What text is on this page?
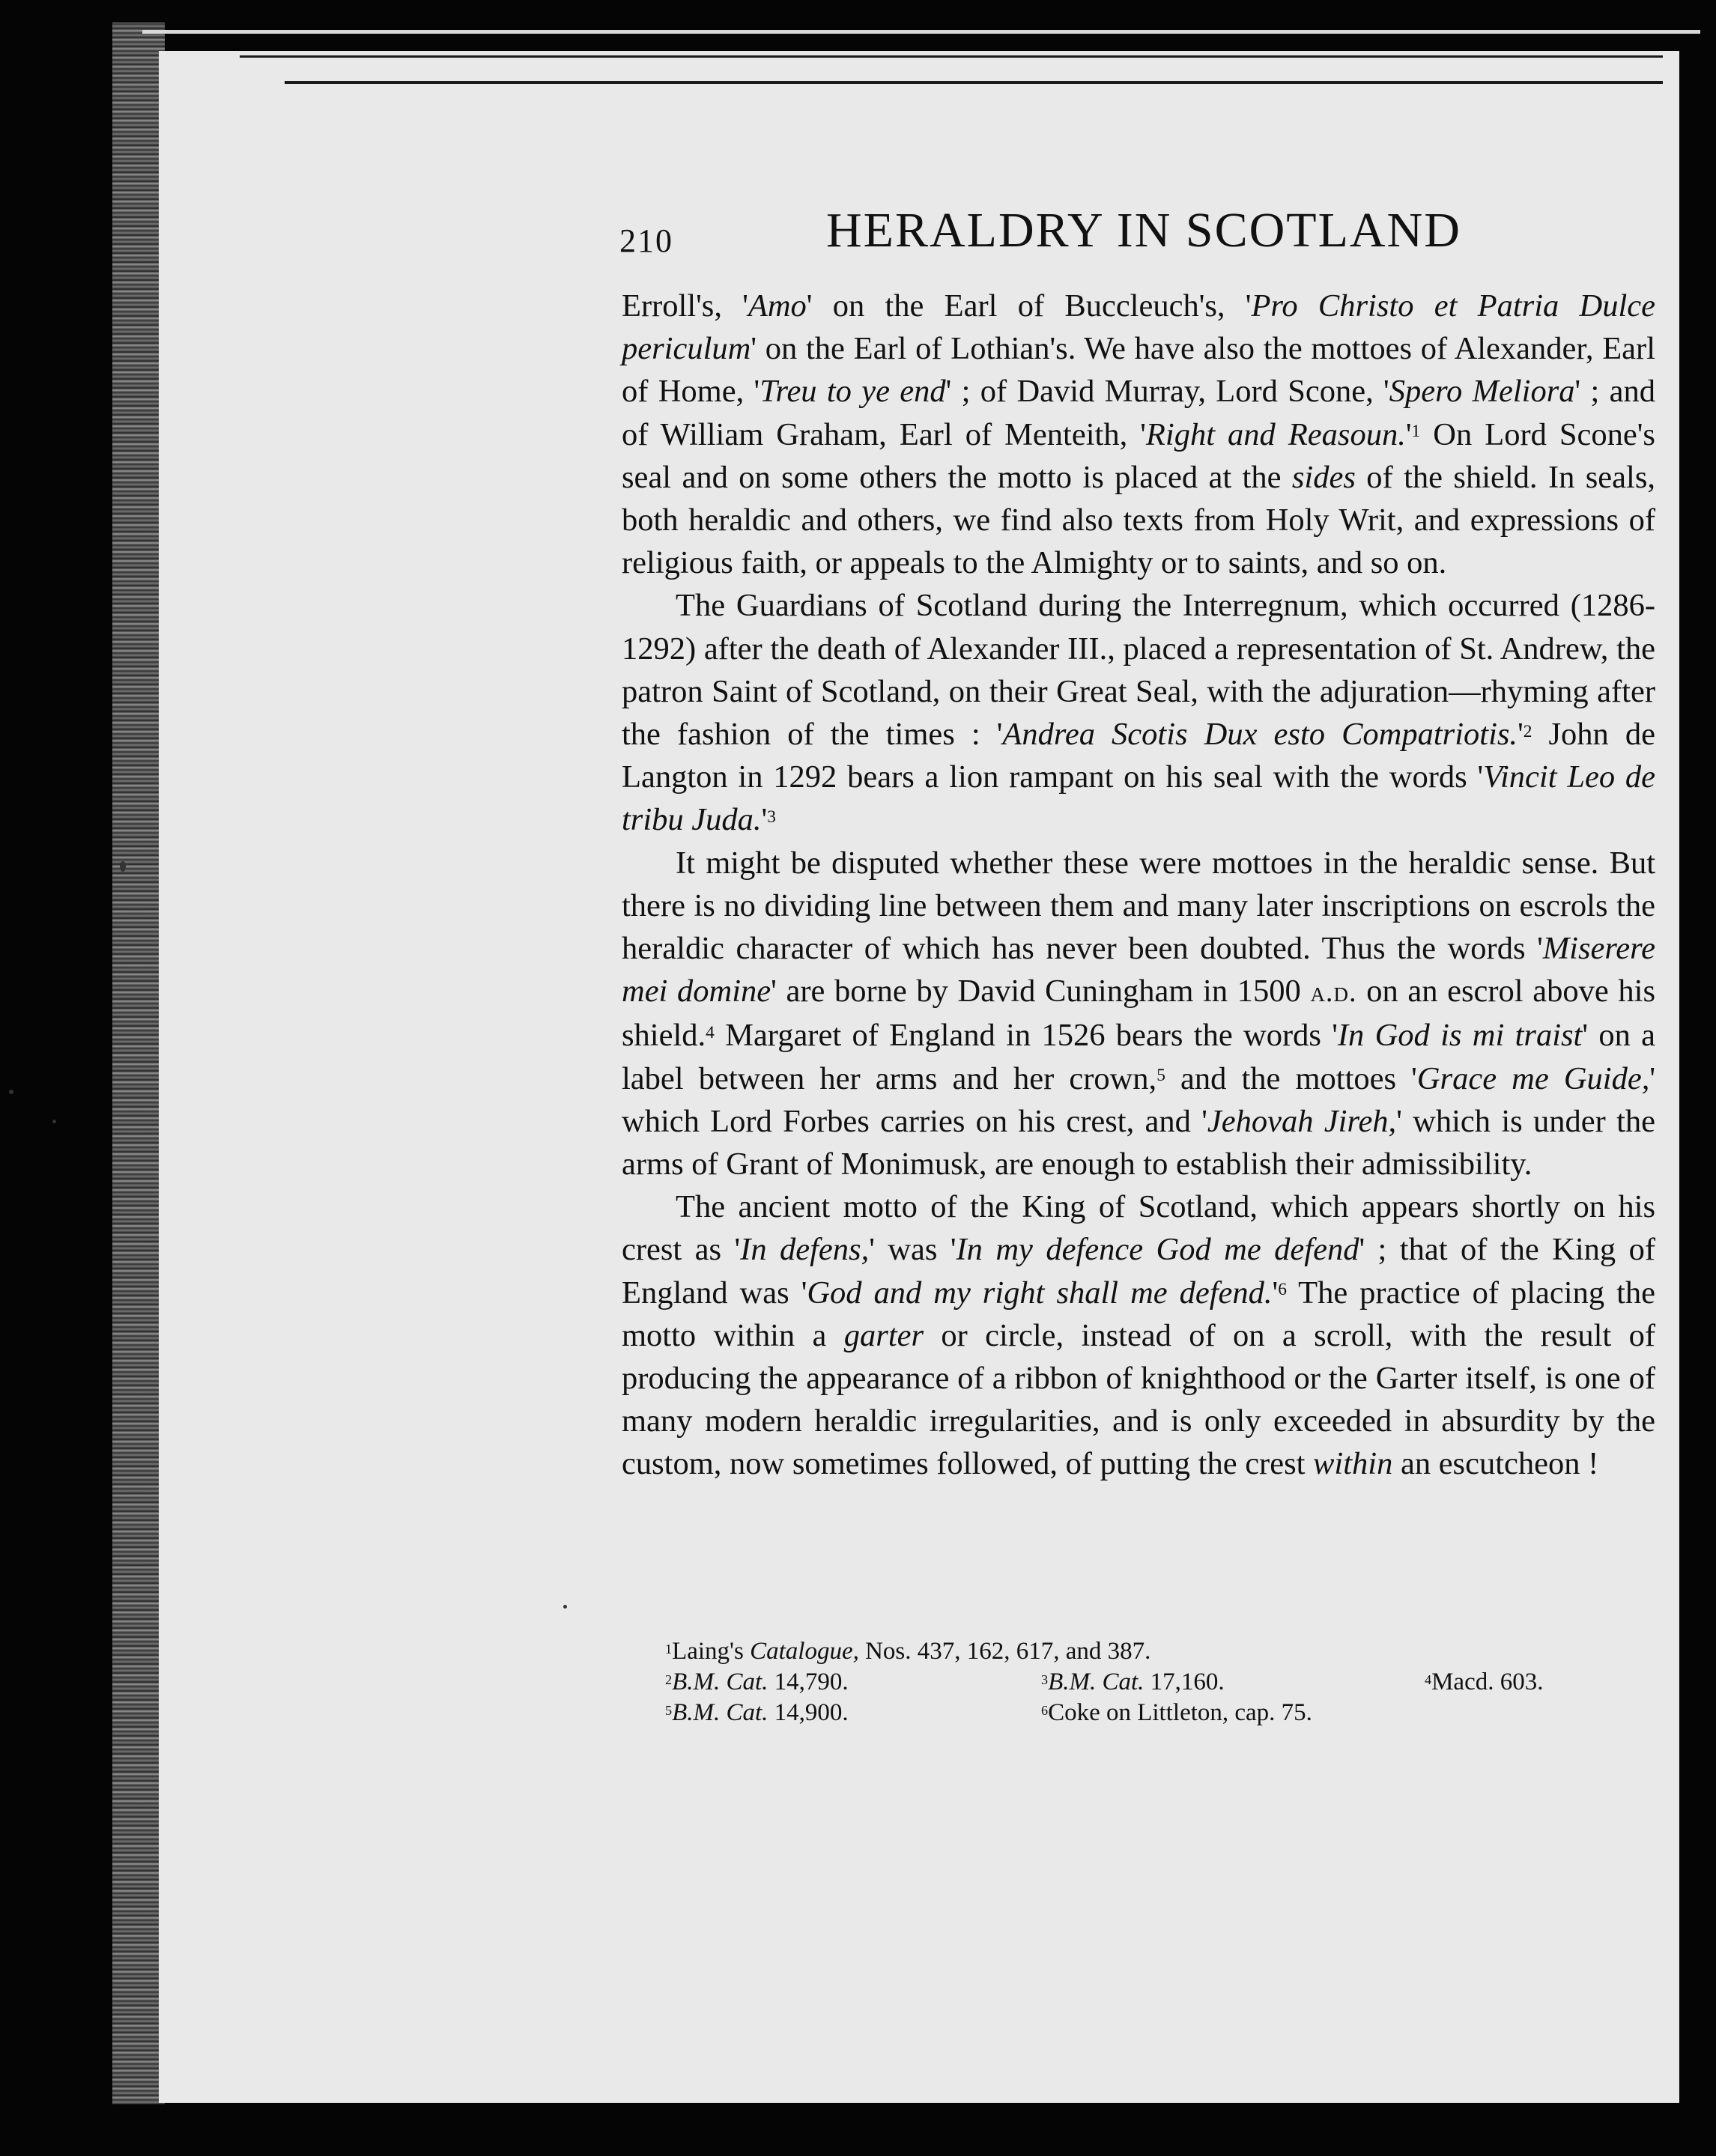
210	HERALDRY IN SCOTLAND

Erroll's, 'Amo' on the Earl of Buccleuch's, 'Pro Christo et Patria Dulce periculum' on the Earl of Lothian's. We have also the mottoes of Alexander, Earl of Home, 'Treu to ye end' ; of David Murray, Lord Scone, 'Spero Meliora' ; and of William Graham, Earl of Menteith, 'Right and $Reasoun.'^1$ On Lord Scone's seal and on some others the motto is placed at the sides of the shield. In seals, both heraldic and others, we find also texts from Holy Writ, and expressions of religious faith, or appeals to the Almighty or to saints, and so on.

The Guardians of Scotland during the Interregnum, which occurred (1286-1292) after the death of Alexander III., placed a representation of St. Andrew, the patron Saint of Scotland, on their Great Seal, with the adjuration—rhyming after the fashion of the times : 'Andrea Scotis Dux esto $Compatriotis.'^2$ John de Langton in 1292 bears a lion rampant on his seal with the words 'Vincit Leo de tribu $Juda.'^3$

It might be disputed whether these were mottoes in the heraldic sense. But there is no dividing line between them and many later inscriptions on escrols the heraldic character of which has never been doubted. Thus the words 'Miserere mei domine' are borne by David Cuningham in 1500 a.d. on an escrol above his shield.$^4$ Margaret of England in 1526 bears the words 'In God is mi traist' on a label between her arms and her crown,$^5$ and the mottoes 'Grace me Guide,' which Lord Forbes carries on his crest, and 'Jehovah Jireh,' which is under the arms of Grant of Monimusk, are enough to establish their admissibility.

The ancient motto of the King of Scotland, which appears shortly on his crest as 'In defens,' was 'In my defence God me defend' ; that of the King of England was 'God and my right shall me $defend.'^6$ The practice of placing the motto within a garter or circle, instead of on a scroll, with the result of producing the appearance of a ribbon of knighthood or the Garter itself, is one of many modern heraldic irregularities, and is only exceeded in absurdity by the custom, now sometimes followed, of putting the crest within an escutcheon !

$^1$Laing's Catalogue, Nos. 437, 162, 617, and 387.
$^2$B.M. Cat. 14,790.	$^3$B.M. Cat. 17,160.	$^4$Macd. 603.
$^5$B.M. Cat. 14,900.	$^6$Coke on Littleton, cap. 75.
